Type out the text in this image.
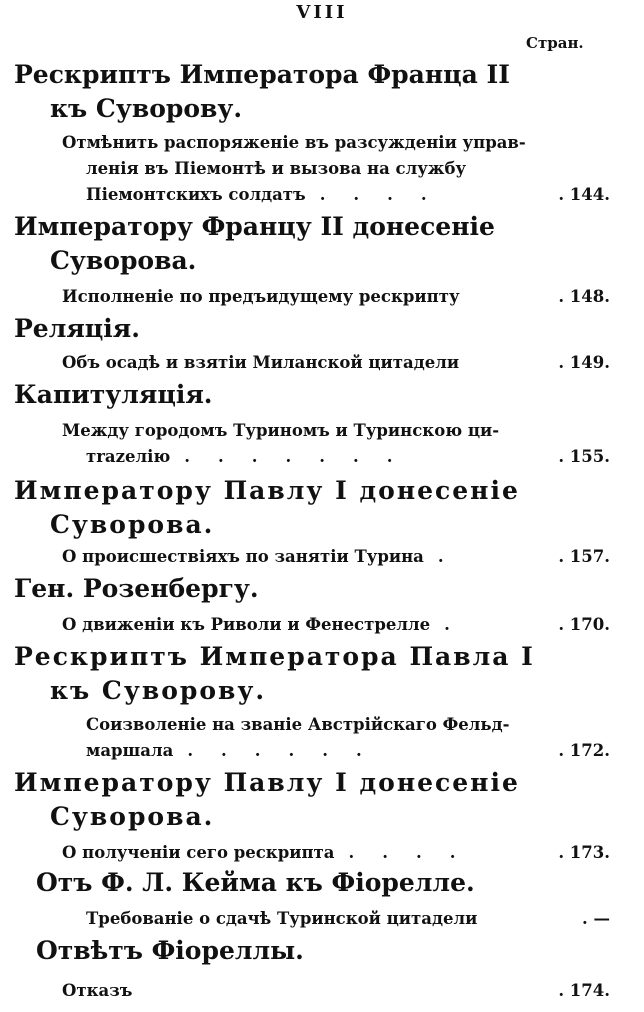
VIII
Стран.
Рескриптъ Императора Франца II
къ Суворову.
Отмѣнить распоряженіе въ разсужденіи управ-
ленія въ Піемонтѣ и вызова на службу
Піемонтскихъ солдатъ ....	. 144.
Императору Францу II донесеніе
Суворова.
Исполненіе по предъидущему рескрипту	. 148.
Реляція.
Объ осадѣ и взятіи Миланской цитадели	. 149.
Капитуляція.
Между городомъ Туриномъ и Туринскою ци-
тrazeлію .......	. 155.
Императору Павлу I донесеніе
Суворова.
О происшествіяхъ по занятіи Турина .	. 157.
Ген. Розенбергу.
О движеніи къ Риволи и Фенестрелле .	. 170.
Рескриптъ Императора Павла I
къ Суворову.
Соизволеніе на званіе Австрійскаго Фельд-
маршала ......	. 172.
Императору Павлу I донесеніе
Суворова.
О полученіи сего рескрипта ....	. 173.
Отъ Ф. Л. Кейма къ Фіорелле.
Требованіе о сдачѣ Туринской цитадели	. —
Отвѣтъ Фіореллы.
Отказъ	. 174.
